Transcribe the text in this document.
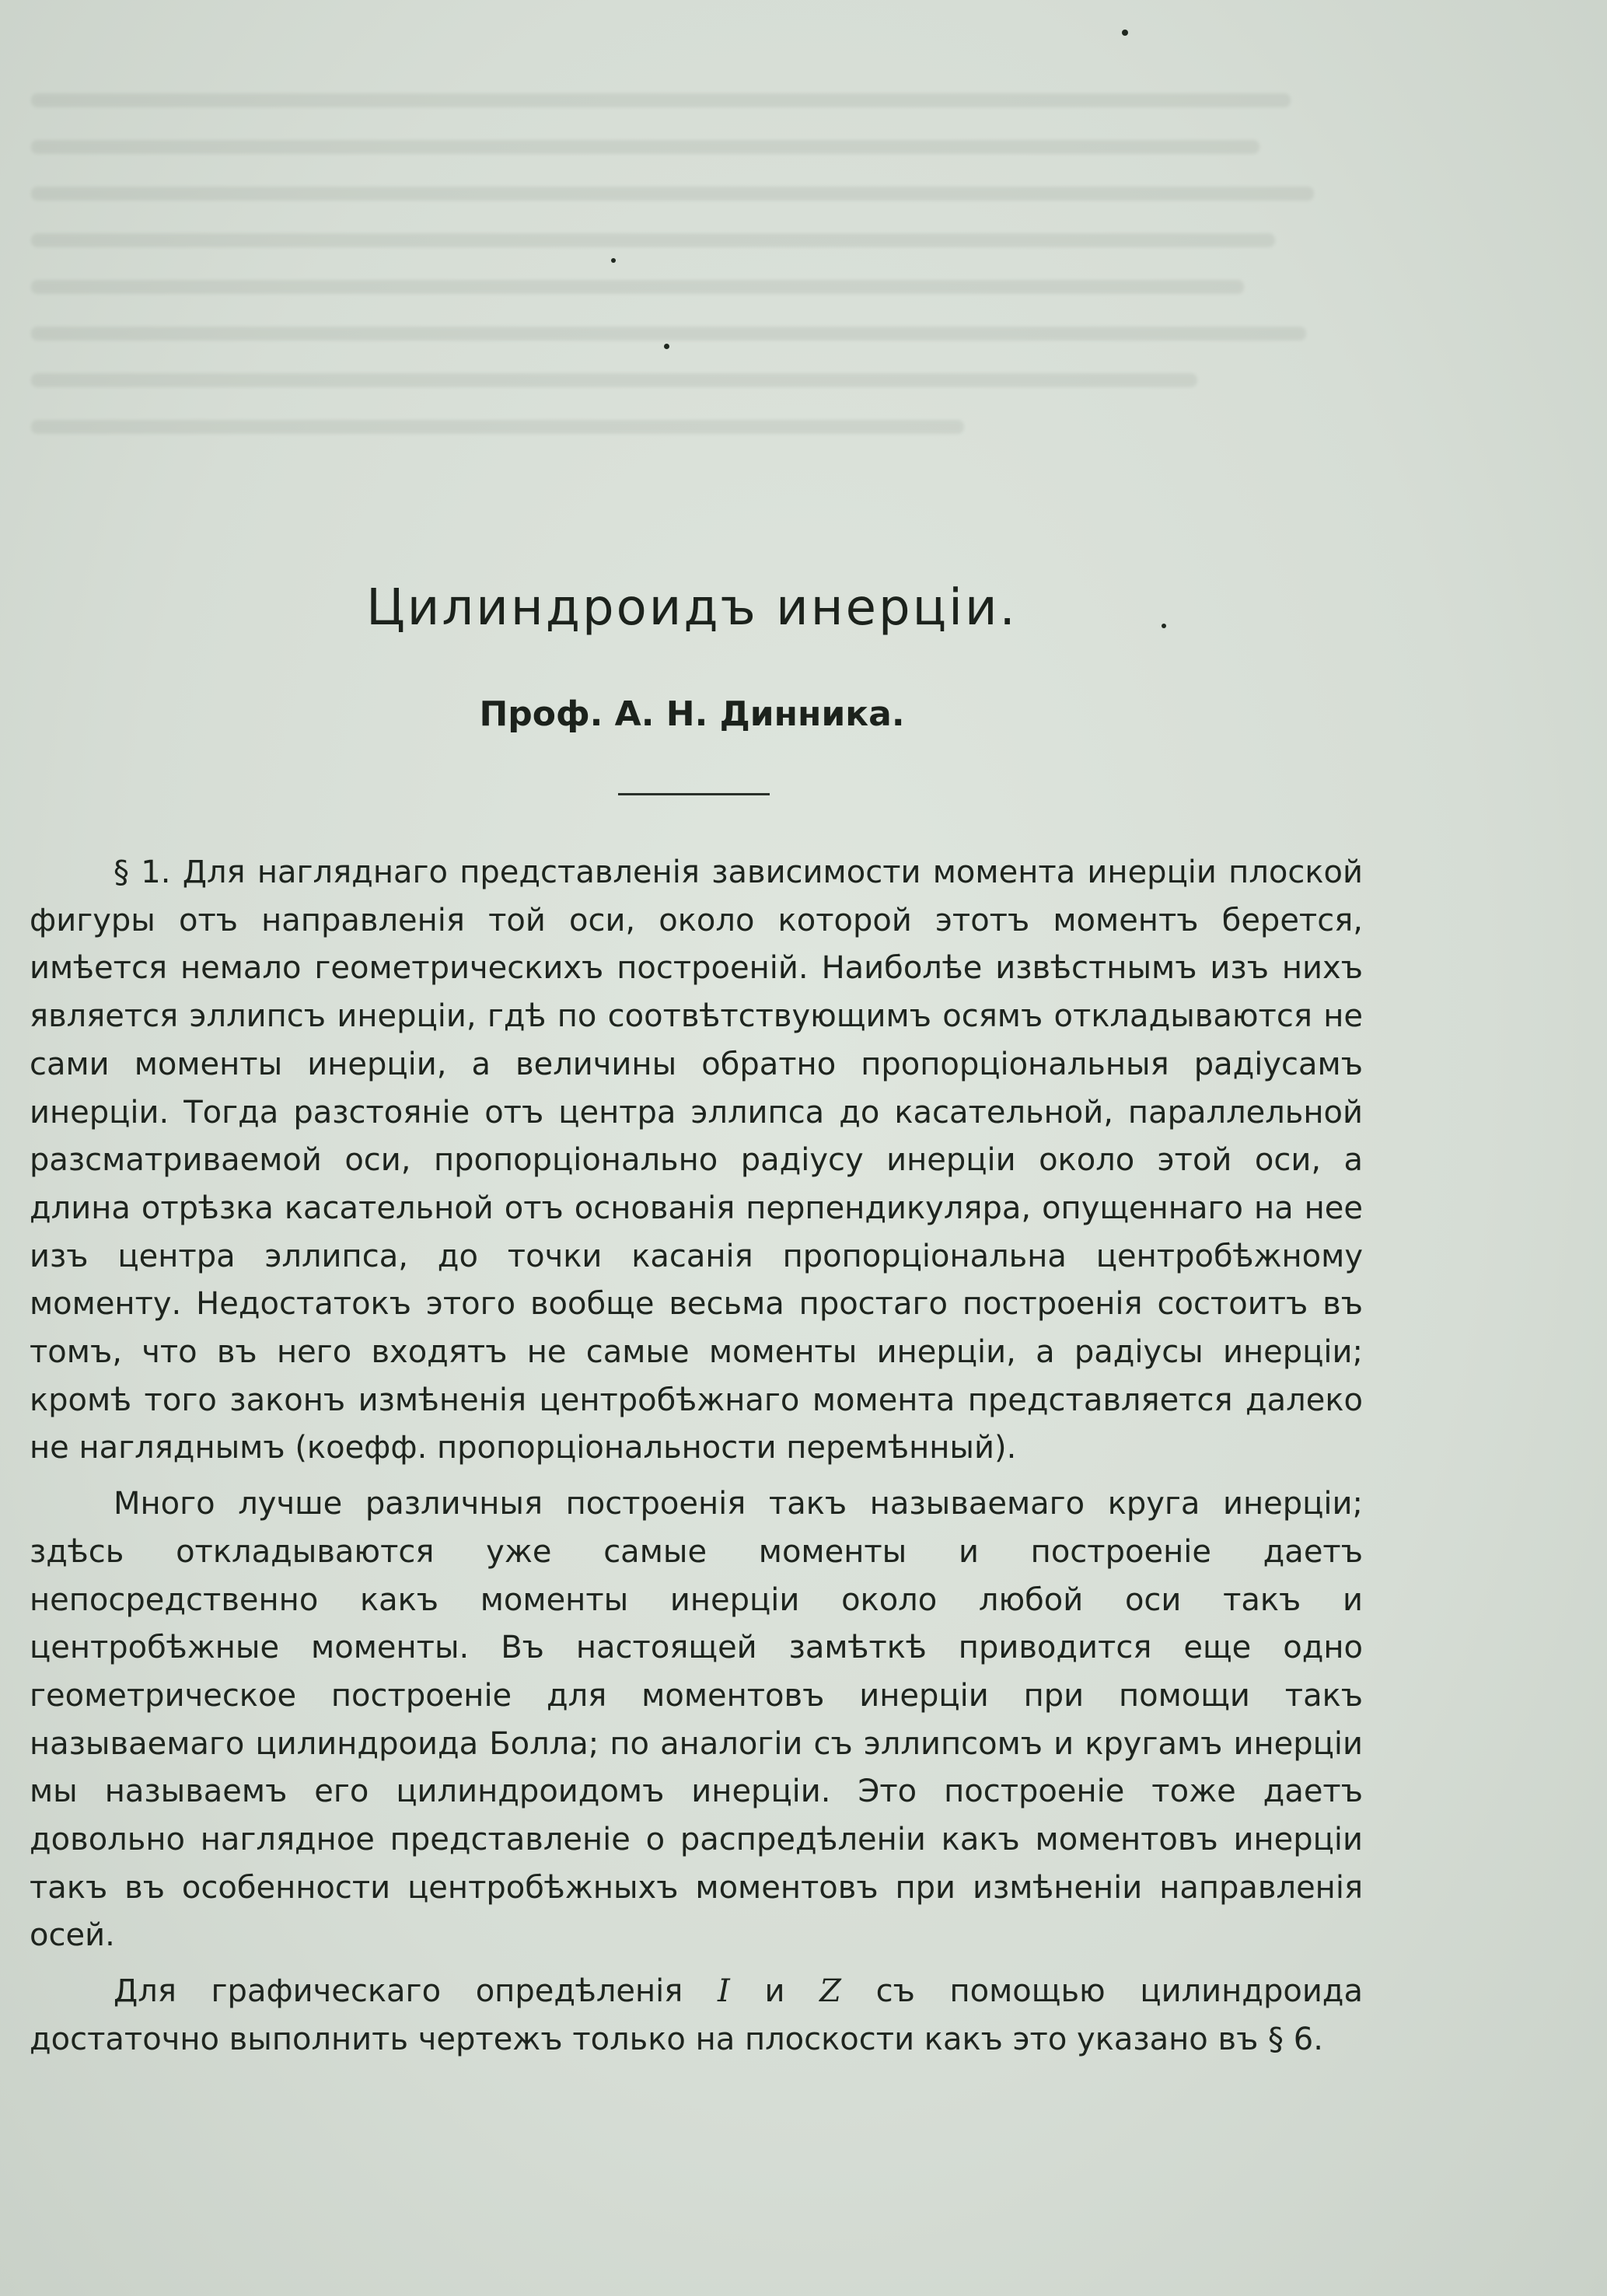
Цилиндроидъ инерціи.
Проф. А. Н. Динника.

§ 1. Для нагляднаго представленія зависимости момента инерціи плоской фигуры отъ направленія той оси, около которой этотъ моментъ берется, имѣется немало геометрическихъ построеній. Наиболѣе извѣстнымъ изъ нихъ является эллипсъ инерціи, гдѣ по соотвѣтствующимъ осямъ откладываются не сами моменты инерціи, а величины обратно пропорціональныя радіусамъ инерціи. Тогда разстояніе отъ центра эллипса до касательной, параллельной разсматриваемой оси, пропорціонально радіусу инерціи около этой оси, а длина отрѣзка касательной отъ основанія перпендикуляра, опущеннаго на нее изъ центра эллипса, до точки касанія пропорціональна центробѣжному моменту. Недостатокъ этого вообще весьма простаго построенія состоитъ въ томъ, что въ него входятъ не самые моменты инерціи, а радіусы инерціи; кромѣ того законъ измѣненія центробѣжнаго момента представляется далеко не нагляднымъ (коефф. пропорціональности перемѣнный).

Много лучше различныя построенія такъ называемаго круга инерціи; здѣсь откладываются уже самые моменты и построеніе даетъ непосредственно какъ моменты инерціи около любой оси такъ и центробѣжные моменты. Въ настоящей замѣткѣ приводится еще одно геометрическое построеніе для моментовъ инерціи при помощи такъ называемаго цилиндроида Болла; по аналогіи съ эллипсомъ и кругамъ инерціи мы называемъ его цилиндроидомъ инерціи. Это построеніе тоже даетъ довольно наглядное представленіе о распредѣленіи какъ моментовъ инерціи такъ въ особенности центробѣжныхъ моментовъ при измѣненіи направленія осей.

Для графическаго опредѣленія I и Z съ помощью цилиндроида достаточно выполнить чертежъ только на плоскости какъ это указано въ § 6.
